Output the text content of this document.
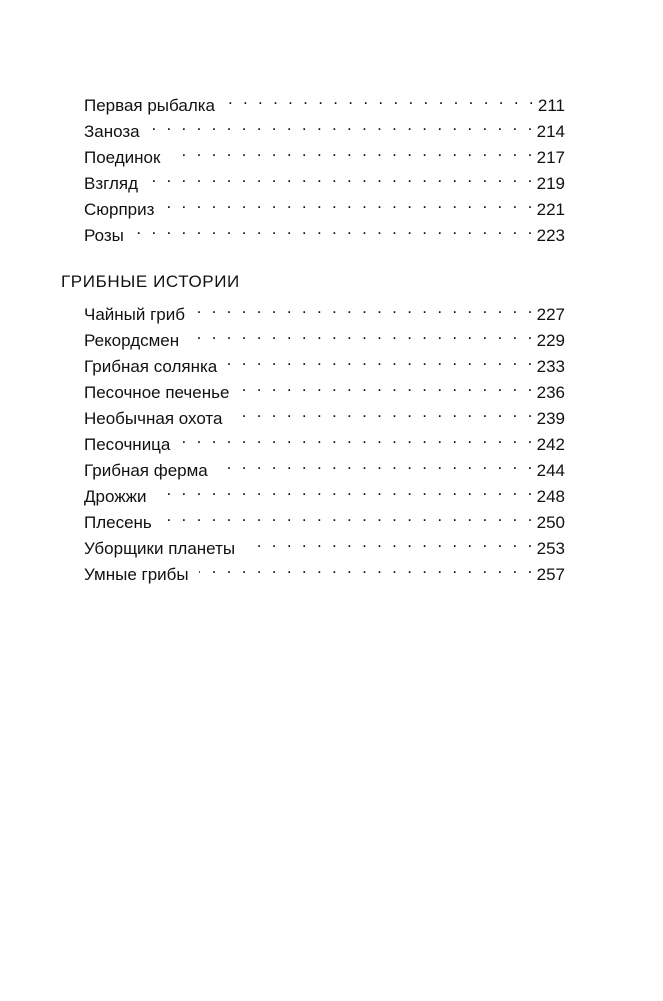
Первая рыбалка . . .	211
Заноза . . .	214
Поединок . . .	217
Взгляд . . .	219
Сюрприз . . .	221
Розы . . .	223
ГРИБНЫЕ ИСТОРИИ
Чайный гриб . . .	227
Рекордсмен . . .	229
Грибная солянка . . .	233
Песочное печенье . . .	236
Необычная охота . . .	239
Песочница . . .	242
Грибная ферма . . .	244
Дрожжи . . .	248
Плесень . . .	250
Уборщики планеты . . .	253
Умные грибы . . .	257
